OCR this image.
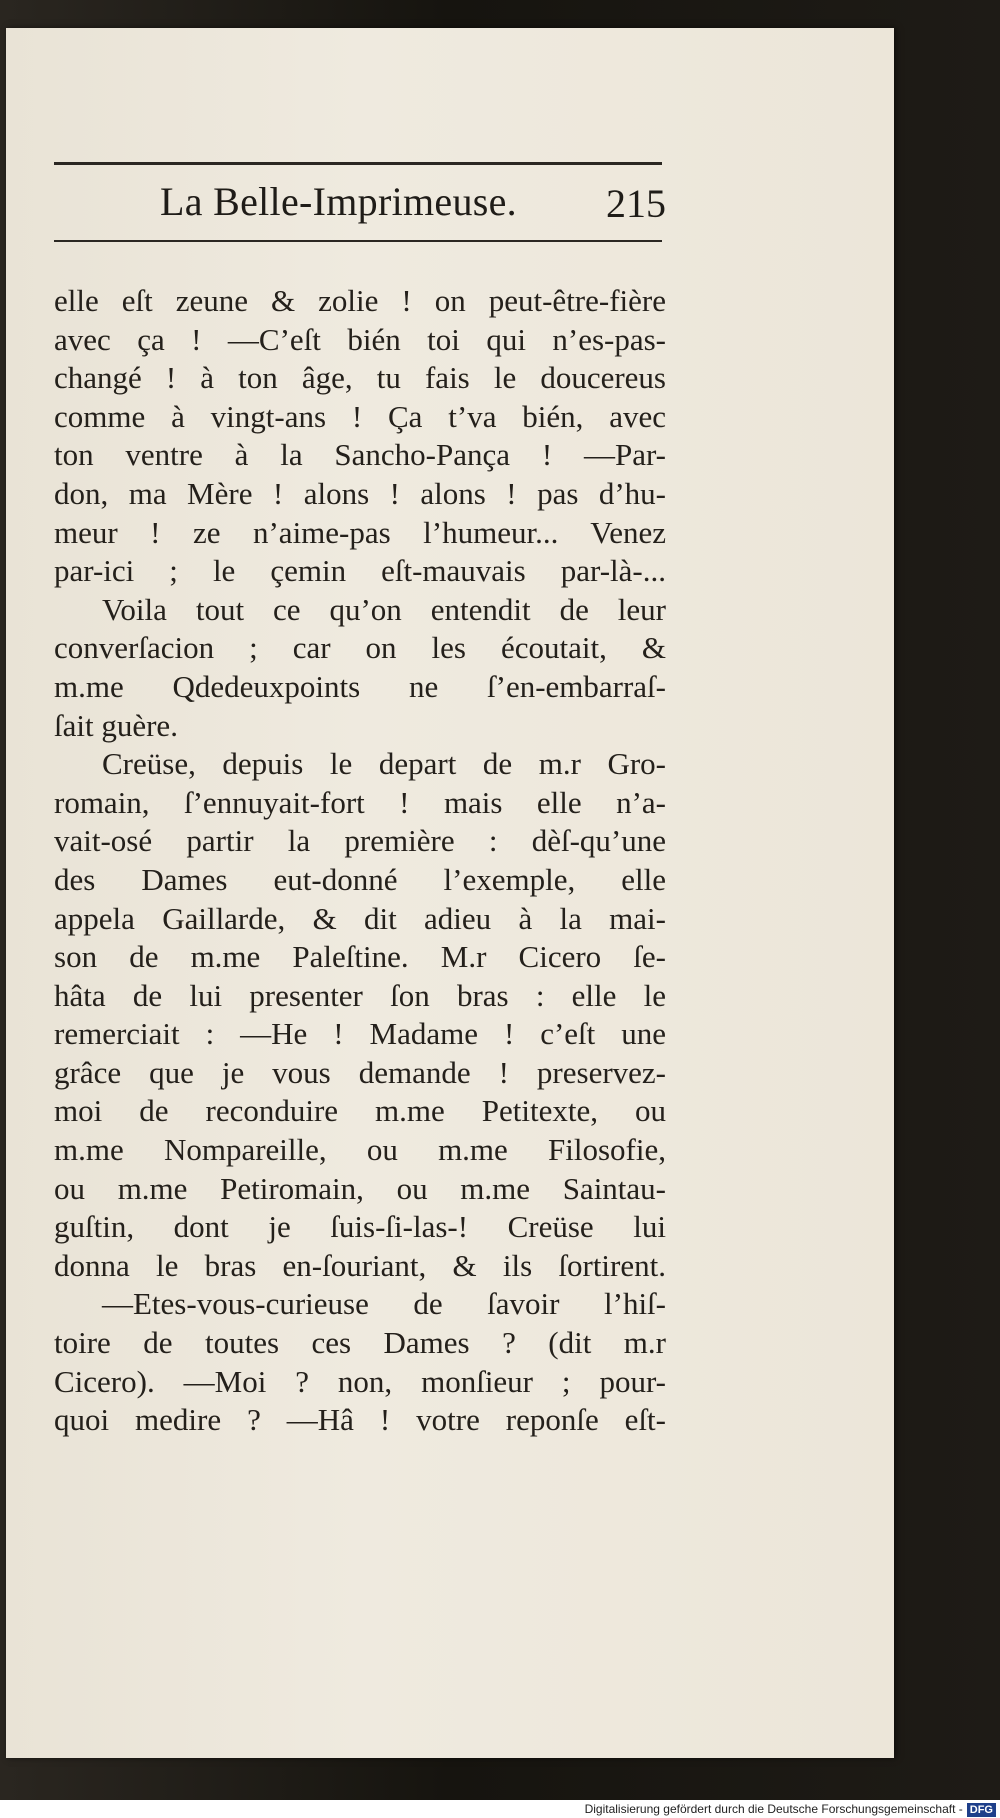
La Belle-Imprimeuse.	215
elle eſt zeune & zolie ! on peut-être-fière
avec ça ! —C’eſt bién toi qui n’es-pas-
changé ! à ton âge, tu fais le doucereus
comme à vingt-ans ! Ça t’va bién, avec
ton ventre à la Sancho-Pança ! —Par-
don, ma Mère ! alons ! alons ! pas d’hu-
meur ! ze n’aime-pas l’humeur... Venez
par-ici ; le çemin eſt-mauvais par-là-...
Voila tout ce qu’on entendit de leur
converſacion ; car on les écoutait, &
m.me Qdedeuxpoints ne ſ’en-embarraſ-
ſait guère.
Creüse, depuis le depart de m.r Gro-
romain, ſ’ennuyait-fort ! mais elle n’a-
vait-osé partir la première : dèſ-qu’une
des Dames eut-donné l’exemple, elle
appela Gaillarde, & dit adieu à la mai-
son de m.me Paleſtine. M.r Cicero ſe-
hâta de lui presenter ſon bras : elle le
remerciait : —He ! Madame ! c’eſt une
grâce que je vous demande ! preservez-
moi de reconduire m.me Petitexte, ou
m.me Nompareille, ou m.me Filosofie,
ou m.me Petiromain, ou m.me Saintau-
guſtin, dont je ſuis-ſi-las-! Creüse lui
donna le bras en-ſouriant, & ils ſortirent.
—Etes-vous-curieuse de ſavoir l’hiſ-
toire de toutes ces Dames ? (dit m.r
Cicero). —Moi ? non, monſieur ; pour-
quoi medire ? —Hâ ! votre reponſe eſt-
Digitalisierung gefördert durch die Deutsche Forschungsgemeinschaft - DFG
